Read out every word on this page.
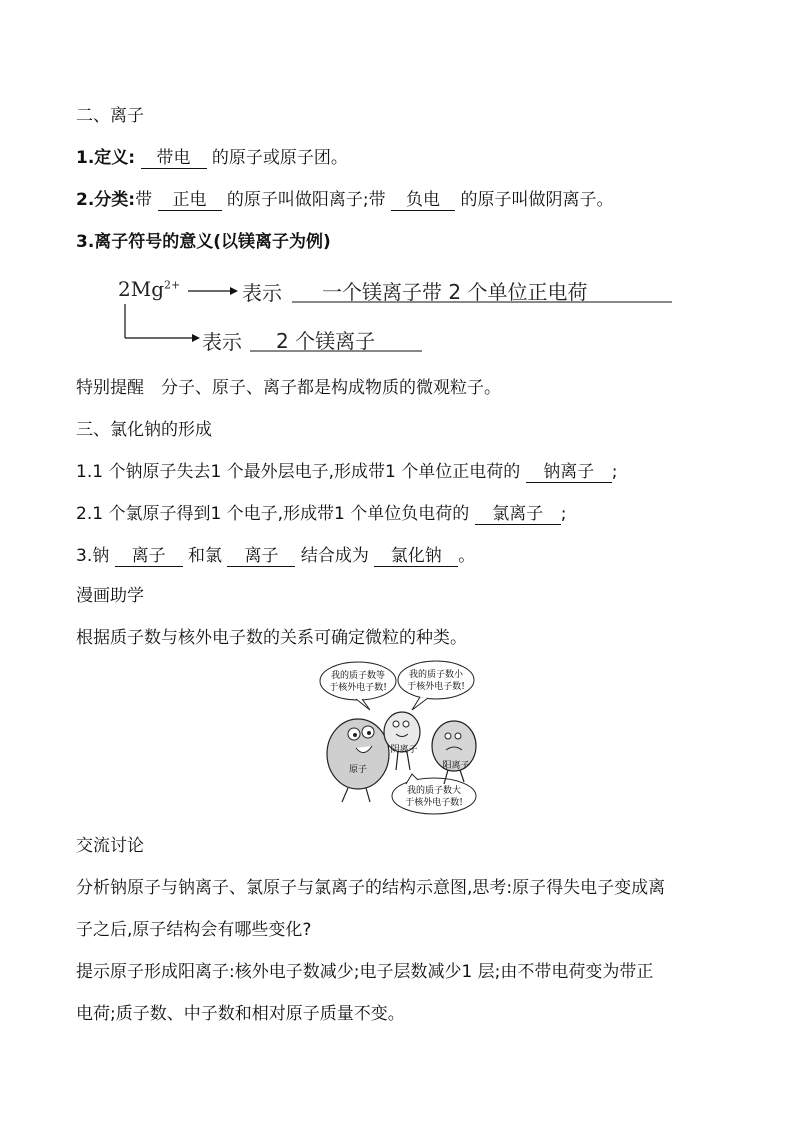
二、离子
1.定义: 带电 的原子或原子团。
2.分类:带 正电 的原子叫做阳离子;带 负电 的原子叫做阴离子。
3.离子符号的意义(以镁离子为例)
$2Mg^{2+}$	表示 一个镁离子带 2 个单位正电荷
表示 2 个镁离子
特别提醒　分子、原子、离子都是构成物质的微观粒子。
三、氯化钠的形成
1.1 个钠原子失去1 个最外层电子,形成带1 个单位正电荷的 钠离子 ;
2.1 个氯原子得到1 个电子,形成带1 个单位负电荷的 氯离子 ;
3.钠 离子 和氯 离子 结合成为 氯化钠 。
漫画助学
根据质子数与核外电子数的关系可确定微粒的种类。
我的质子数等
于核外电子数!
我的质子数小
于核外电子数!
我的质子数大
于核外电子数!
原子
阴离子
阳离子
交流讨论
分析钠原子与钠离子、氯原子与氯离子的结构示意图,思考:原子得失电子变成离
子之后,原子结构会有哪些变化?
提示原子形成阳离子:核外电子数减少;电子层数减少1 层;由不带电荷变为带正
电荷;质子数、中子数和相对原子质量不变。
